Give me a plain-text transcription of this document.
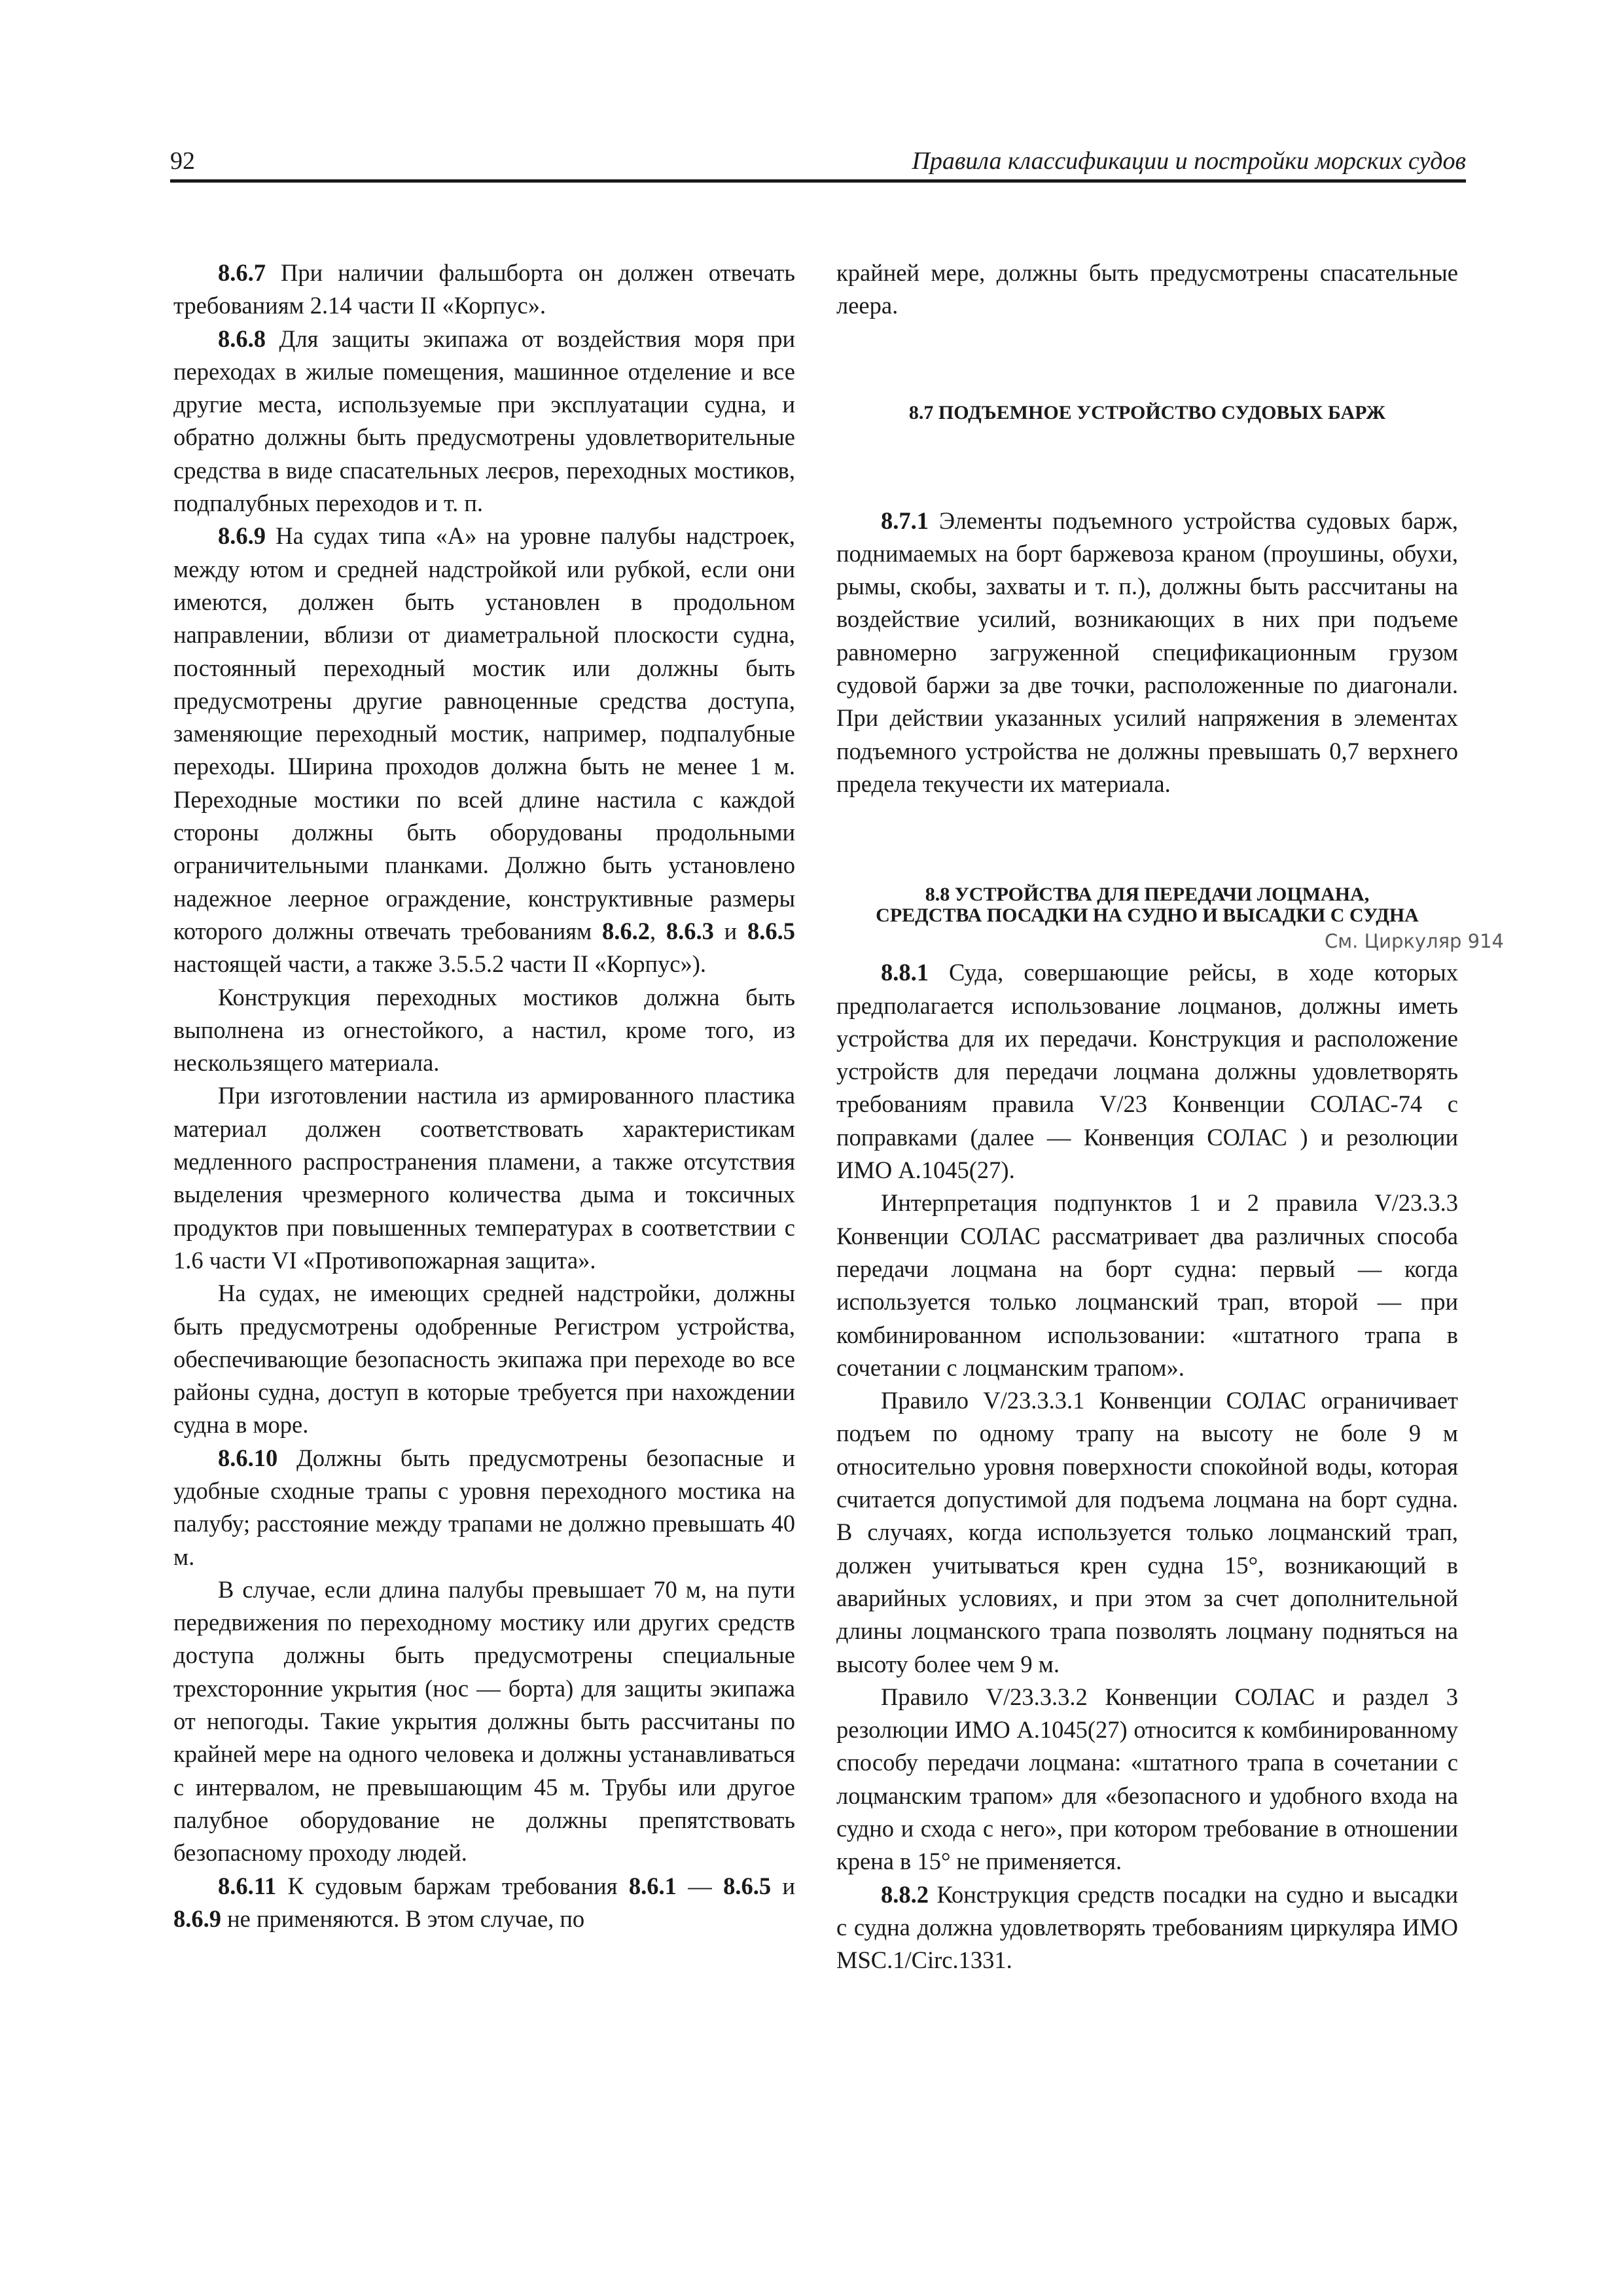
92	Правила классификации и постройки морских судов

8.6.7 При наличии фальшборта он должен отвечать требованиям 2.14 части II «Корпус».

8.6.8 Для защиты экипажа от воздействия моря при переходах в жилые помещения, машинное отделение и все другие места, используемые при эксплуатации судна, и обратно должны быть предусмотрены удовлетворительные средства в виде спасательных леєров, переходных мостиков, подпалубных переходов и т. п.

8.6.9 На судах типа «А» на уровне палубы надстроек, между ютом и средней надстройкой или рубкой, если они имеются, должен быть установлен в продольном направлении, вблизи от диаметральной плоскости судна, постоянный переходный мостик или должны быть предусмотрены другие равноценные средства доступа, заменяющие переходный мостик, например, подпалубные переходы. Ширина проходов должна быть не менее 1 м. Переходные мостики по всей длине настила с каждой стороны должны быть оборудованы продольными ограничительными планками. Должно быть установлено надежное леерное ограждение, конструктивные размеры которого должны отвечать требованиям 8.6.2, 8.6.3 и 8.6.5 настоящей части, а также 3.5.5.2 части II «Корпус»).

Конструкция переходных мостиков должна быть выполнена из огнестойкого, а настил, кроме того, из нескользящего материала.

При изготовлении настила из армированного пластика материал должен соответствовать характеристикам медленного распространения пламени, а также отсутствия выделения чрезмерного количества дыма и токсичных продуктов при повышенных температурах в соответствии с 1.6 части VI «Противопожарная защита».

На судах, не имеющих средней надстройки, должны быть предусмотрены одобренные Регистром устройства, обеспечивающие безопасность экипажа при переходе во все районы судна, доступ в которые требуется при нахождении судна в море.

8.6.10 Должны быть предусмотрены безопасные и удобные сходные трапы с уровня переходного мостика на палубу; расстояние между трапами не должно превышать 40 м.

В случае, если длина палубы превышает 70 м, на пути передвижения по переходному мостику или других средств доступа должны быть предусмотрены специальные трехсторонние укрытия (нос — борта) для защиты экипажа от непогоды. Такие укрытия должны быть рассчитаны по крайней мере на одного человека и должны устанавливаться с интервалом, не превышающим 45 м. Трубы или другое палубное оборудование не должны препятствовать безопасному проходу людей.

8.6.11 К судовым баржам требования 8.6.1 — 8.6.5 и 8.6.9 не применяются. В этом случае, по

крайней мере, должны быть предусмотрены спасательные леера.

8.7 ПОДЪЕМНОЕ УСТРОЙСТВО СУДОВЫХ БАРЖ

8.7.1 Элементы подъемного устройства судовых барж, поднимаемых на борт баржевоза краном (проушины, обухи, рымы, скобы, захваты и т. п.), должны быть рассчитаны на воздействие усилий, возникающих в них при подъеме равномерно загруженной спецификационным грузом судовой баржи за две точки, расположенные по диагонали. При действии указанных усилий напряжения в элементах подъемного устройства не должны превышать 0,7 верхнего предела текучести их материала.

8.8 УСТРОЙСТВА ДЛЯ ПЕРЕДАЧИ ЛОЦМАНА,
СРЕДСТВА ПОСАДКИ НА СУДНО И ВЫСАДКИ С СУДНА
См. Циркуляр 914

8.8.1 Суда, совершающие рейсы, в ходе которых предполагается использование лоцманов, должны иметь устройства для их передачи. Конструкция и расположение устройств для передачи лоцмана должны удовлетворять требованиям правила V/23 Конвенции СОЛАС-74 с поправками (далее — Конвенция СОЛАС ) и резолюции ИМО A.1045(27).

Интерпретация подпунктов 1 и 2 правила V/23.3.3 Конвенции СОЛАС рассматривает два различных способа передачи лоцмана на борт судна: первый — когда используется только лоцманский трап, второй — при комбинированном использовании: «штатного трапа в сочетании с лоцманским трапом».

Правило V/23.3.3.1 Конвенции СОЛАС ограничивает подъем по одному трапу на высоту не боле 9 м относительно уровня поверхности спокойной воды, которая считается допустимой для подъема лоцмана на борт судна. В случаях, когда используется только лоцманский трап, должен учитываться крен судна 15°, возникающий в аварийных условиях, и при этом за счет дополнительной длины лоцманского трапа позволять лоцману подняться на высоту более чем 9 м.

Правило V/23.3.3.2 Конвенции СОЛАС и раздел 3 резолюции ИМО A.1045(27) относится к комбинированному способу передачи лоцмана: «штатного трапа в сочетании с лоцманским трапом» для «безопасного и удобного входа на судно и схода с него», при котором требование в отношении крена в 15° не применяется.

8.8.2 Конструкция средств посадки на судно и высадки с судна должна удовлетворять требованиям циркуляра ИМО MSC.1/Circ.1331.
